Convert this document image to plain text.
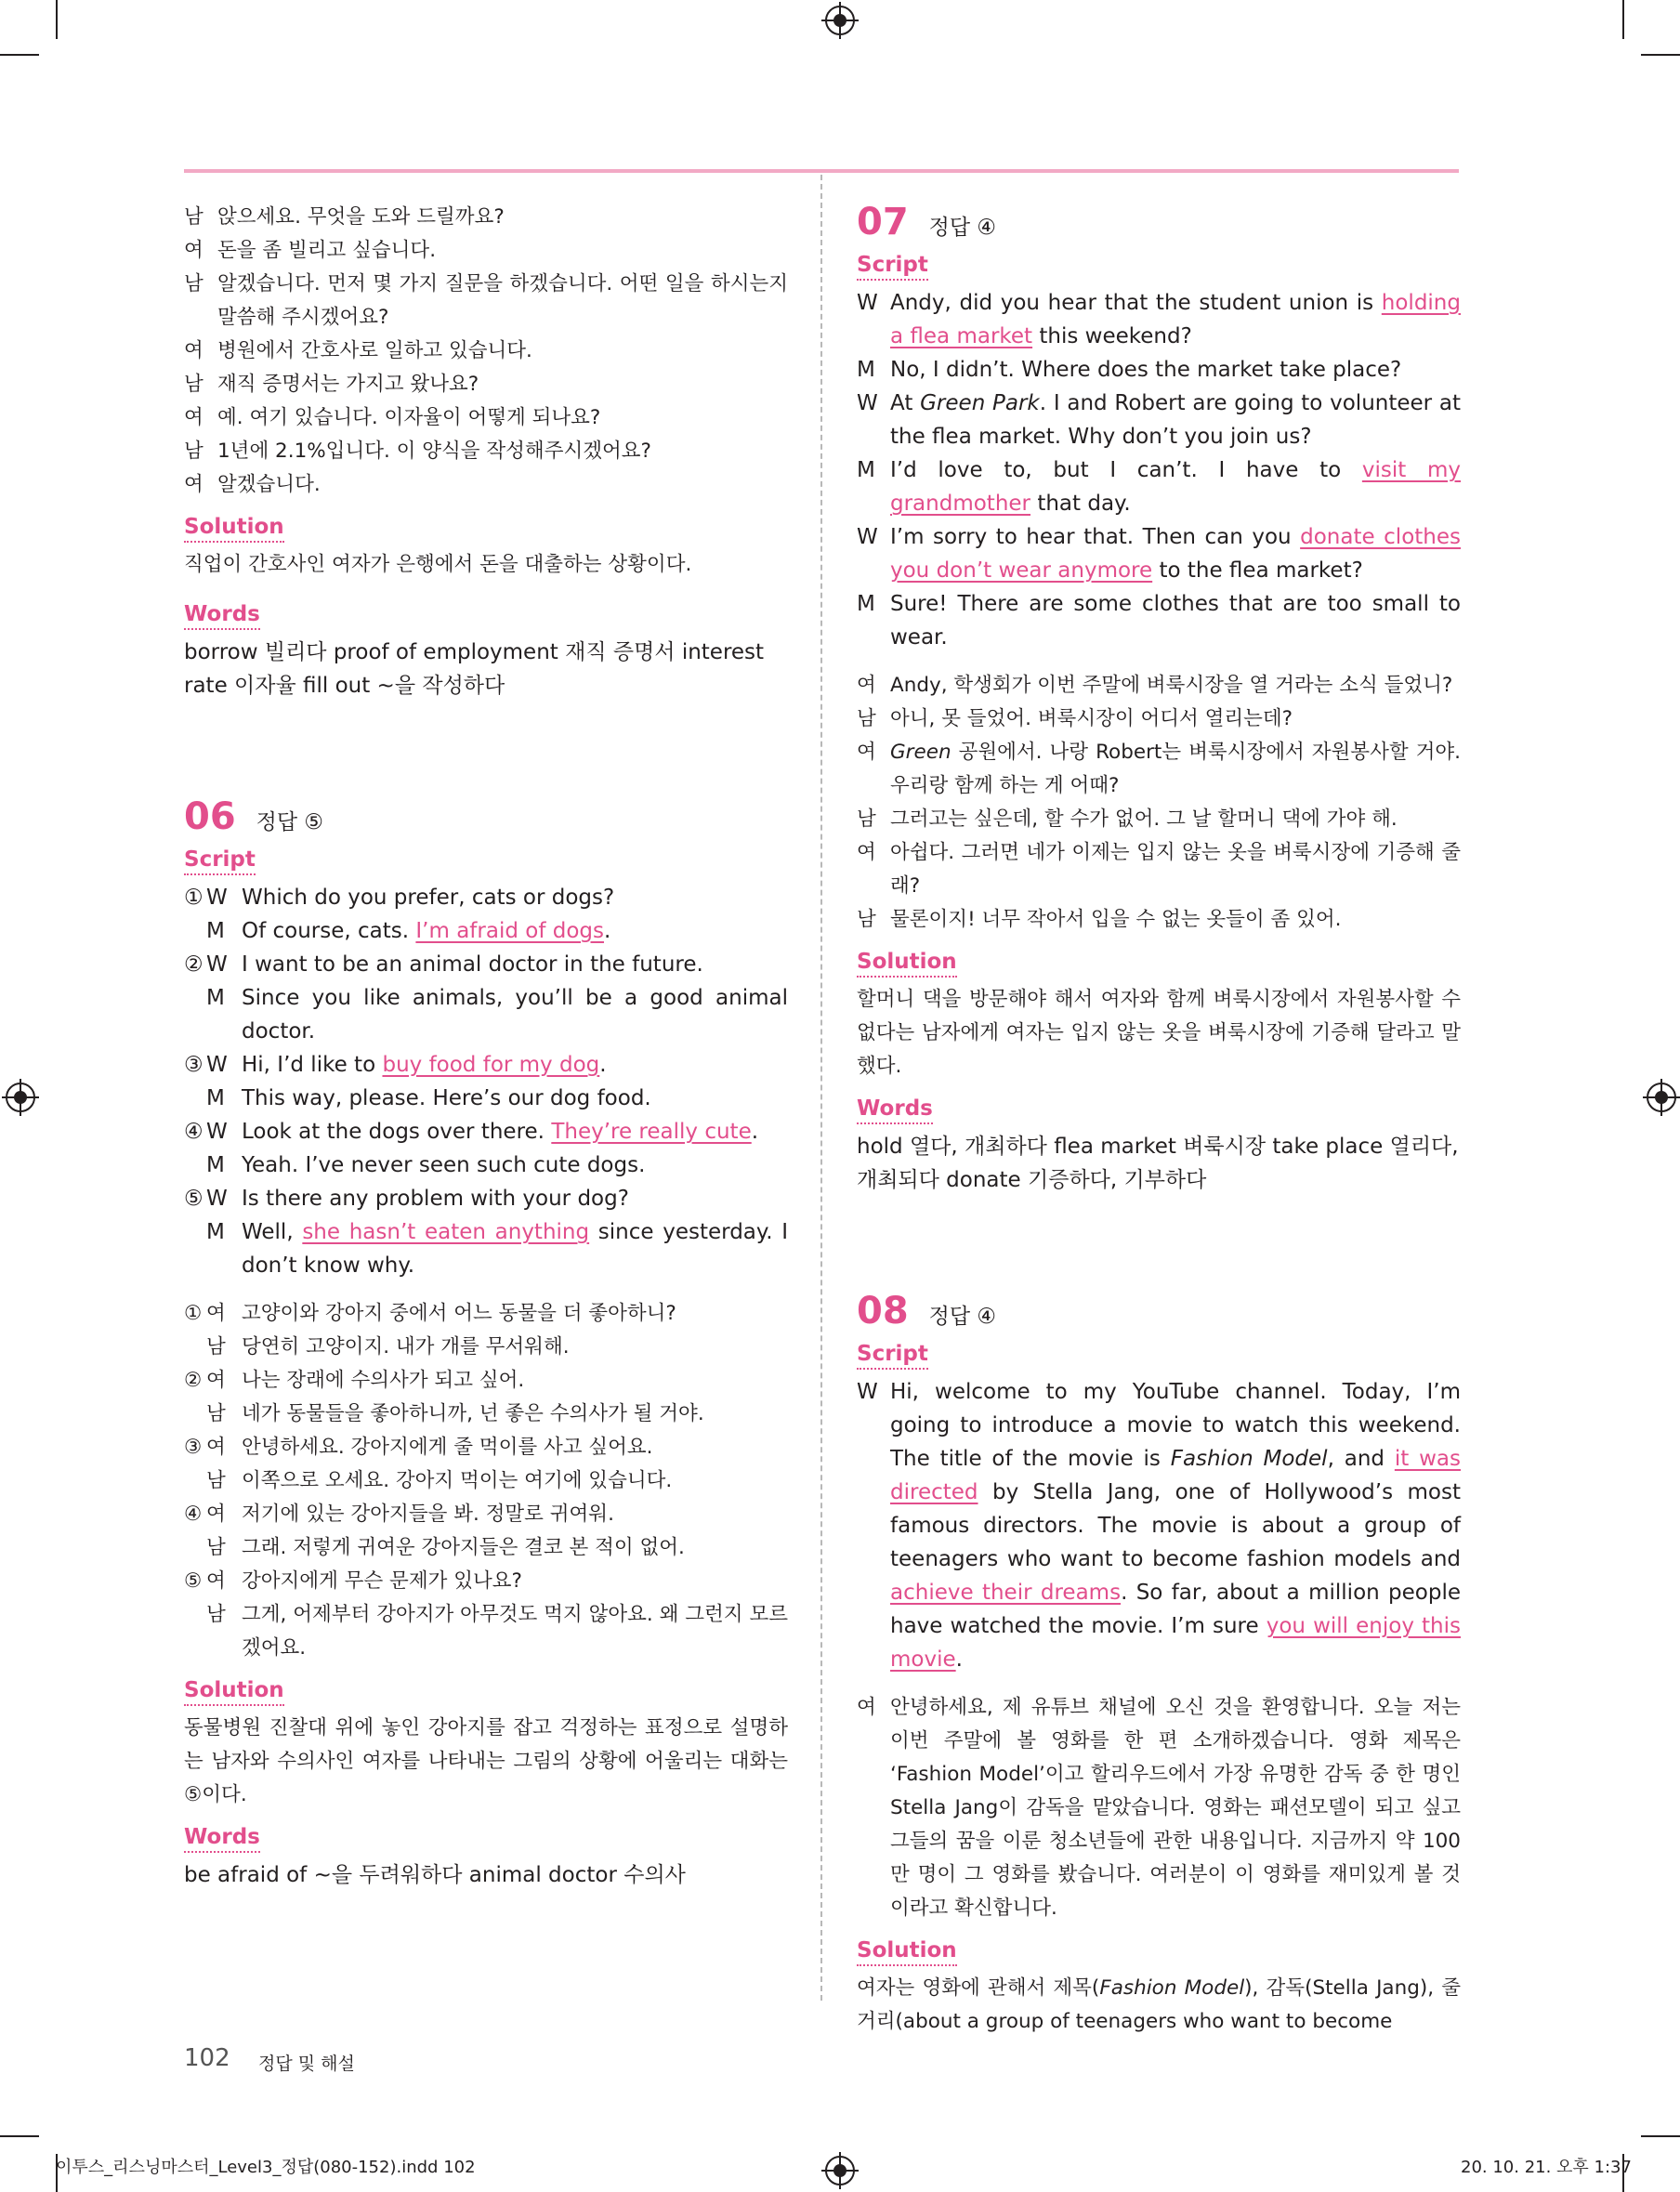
남 앉으세요. 무엇을 도와 드릴까요?
여 돈을 좀 빌리고 싶습니다.
남 알겠습니다. 먼저 몇 가지 질문을 하겠습니다. 어떤 일을 하시는지 말씀해 주시겠어요?
여 병원에서 간호사로 일하고 있습니다.
남 재직 증명서는 가지고 왔나요?
여 예. 여기 있습니다. 이자율이 어떻게 되나요?
남 1년에 2.1%입니다. 이 양식을 작성해주시겠어요?
여 알겠습니다.
Solution
직업이 간호사인 여자가 은행에서 돈을 대출하는 상황이다.
Words
borrow 빌리다 proof of employment 재직 증명서 interest rate 이자율 fill out ~을 작성하다
06 정답 ⑤
Script
① W Which do you prefer, cats or dogs?
M Of course, cats. I’m afraid of dogs.
② W I want to be an animal doctor in the future.
M Since you like animals, you’ll be a good animal doctor.
③ W Hi, I’d like to buy food for my dog.
M This way, please. Here’s our dog food.
④ W Look at the dogs over there. They’re really cute.
M Yeah. I’ve never seen such cute dogs.
⑤ W Is there any problem with your dog?
M Well, she hasn’t eaten anything since yesterday. I don’t know why.
① 여 고양이와 강아지 중에서 어느 동물을 더 좋아하니?
남 당연히 고양이지. 내가 개를 무서워해.
② 여 나는 장래에 수의사가 되고 싶어.
남 네가 동물들을 좋아하니까, 넌 좋은 수의사가 될 거야.
③ 여 안녕하세요. 강아지에게 줄 먹이를 사고 싶어요.
남 이쪽으로 오세요. 강아지 먹이는 여기에 있습니다.
④ 여 저기에 있는 강아지들을 봐. 정말로 귀여워.
남 그래. 저렇게 귀여운 강아지들은 결코 본 적이 없어.
⑤ 여 강아지에게 무슨 문제가 있나요?
남 그게, 어제부터 강아지가 아무것도 먹지 않아요. 왜 그런지 모르겠어요.
Solution
동물병원 진찰대 위에 놓인 강아지를 잡고 걱정하는 표정으로 설명하는 남자와 수의사인 여자를 나타내는 그림의 상황에 어울리는 대화는 ⑤이다.
Words
be afraid of ~을 두려워하다 animal doctor 수의사
07 정답 ④
Script
W Andy, did you hear that the student union is holding a flea market this weekend?
M No, I didn’t. Where does the market take place?
W At Green Park. I and Robert are going to volunteer at the flea market. Why don’t you join us?
M I’d love to, but I can’t. I have to visit my grandmother that day.
W I’m sorry to hear that. Then can you donate clothes you don’t wear anymore to the flea market?
M Sure! There are some clothes that are too small to wear.
여 Andy, 학생회가 이번 주말에 벼룩시장을 열 거라는 소식 들었니?
남 아니, 못 들었어. 벼룩시장이 어디서 열리는데?
여 Green 공원에서. 나랑 Robert는 벼룩시장에서 자원봉사할 거야. 우리랑 함께 하는 게 어때?
남 그러고는 싶은데, 할 수가 없어. 그 날 할머니 댁에 가야 해.
여 아쉽다. 그러면 네가 이제는 입지 않는 옷을 벼룩시장에 기증해 줄래?
남 물론이지! 너무 작아서 입을 수 없는 옷들이 좀 있어.
Solution
할머니 댁을 방문해야 해서 여자와 함께 벼룩시장에서 자원봉사할 수 없다는 남자에게 여자는 입지 않는 옷을 벼룩시장에 기증해 달라고 말했다.
Words
hold 열다, 개최하다 flea market 벼룩시장 take place 열리다, 개최되다 donate 기증하다, 기부하다
08 정답 ④
Script
W Hi, welcome to my YouTube channel. Today, I’m going to introduce a movie to watch this weekend. The title of the movie is Fashion Model, and it was directed by Stella Jang, one of Hollywood’s most famous directors. The movie is about a group of teenagers who want to become fashion models and achieve their dreams. So far, about a million people have watched the movie. I’m sure you will enjoy this movie.
여 안녕하세요, 제 유튜브 채널에 오신 것을 환영합니다. 오늘 저는 이번 주말에 볼 영화를 한 편 소개하겠습니다. 영화 제목은 ‘Fashion Model’이고 할리우드에서 가장 유명한 감독 중 한 명인 Stella Jang이 감독을 맡았습니다. 영화는 패션모델이 되고 싶고 그들의 꿈을 이룬 청소년들에 관한 내용입니다. 지금까지 약 100만 명이 그 영화를 봤습니다. 여러분이 이 영화를 재미있게 볼 것이라고 확신합니다.
Solution
여자는 영화에 관해서 제목(Fashion Model), 감독(Stella Jang), 줄거리(about a group of teenagers who want to become
102 정답 및 해설
이투스_리스닝마스터_Level3_정답(080-152).indd 102	20. 10. 21. 오후 1:37
